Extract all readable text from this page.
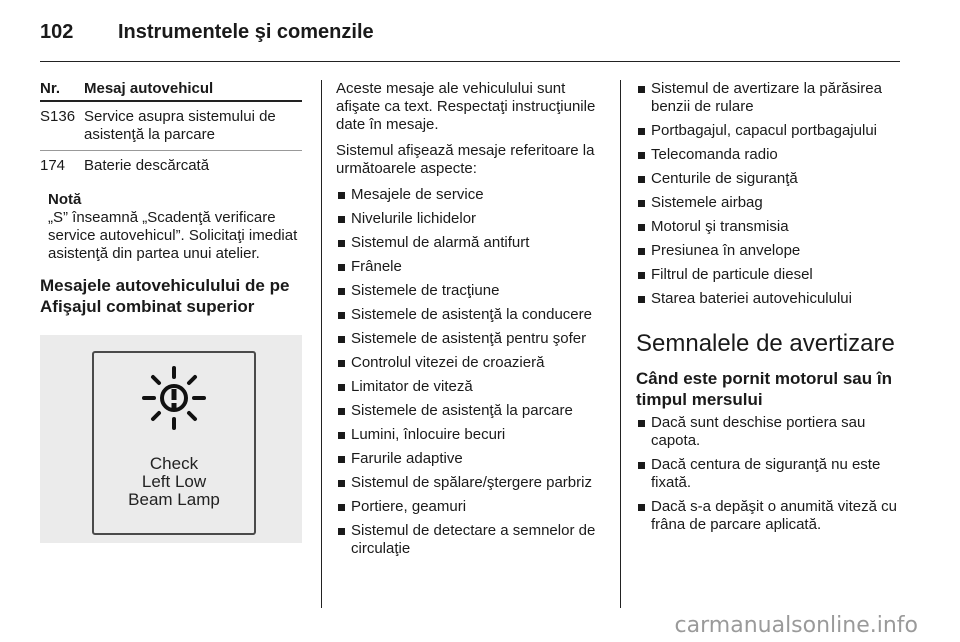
102 Instrumentele şi comenzile
Nr.	Mesaj autovehicul
S136	Service asupra sistemului de asistenţă la parcare
174	Baterie descărcată
Notă
„S” înseamnă „Scadenţă verificare service autovehicul”. Solicitaţi imediat asistenţă din partea unui atelier.
Mesajele autovehiculului de pe Afişajul combinat superior
Check
Left Low
Beam Lamp

Aceste mesaje ale vehiculului sunt afişate ca text. Respectaţi instrucţiunile date în mesaje.

Sistemul afişează mesaje referitoare la următoarele aspecte:

Mesajele de service
Nivelurile lichidelor
Sistemul de alarmă antifurt
Frânele
Sistemele de tracţiune
Sistemele de asistenţă la conducere
Sistemele de asistenţă pentru şofer
Controlul vitezei de croazieră
Limitator de viteză
Sistemele de asistenţă la parcare
Lumini, înlocuire becuri
Farurile adaptive
Sistemul de spălare/ştergere parbriz
Portiere, geamuri
Sistemul de detectare a semnelor de circulaţie
Sistemul de avertizare la părăsirea benzii de rulare
Portbagajul, capacul portbagajului
Telecomanda radio
Centurile de siguranţă
Sistemele airbag
Motorul şi transmisia
Presiunea în anvelope
Filtrul de particule diesel
Starea bateriei autovehiculului
Semnalele de avertizare
Când este pornit motorul sau în timpul mersului
Dacă sunt deschise portiera sau capota.
Dacă centura de siguranţă nu este fixată.
Dacă s-a depăşit o anumită viteză cu frâna de parcare aplicată.
carmanualsonline.info
